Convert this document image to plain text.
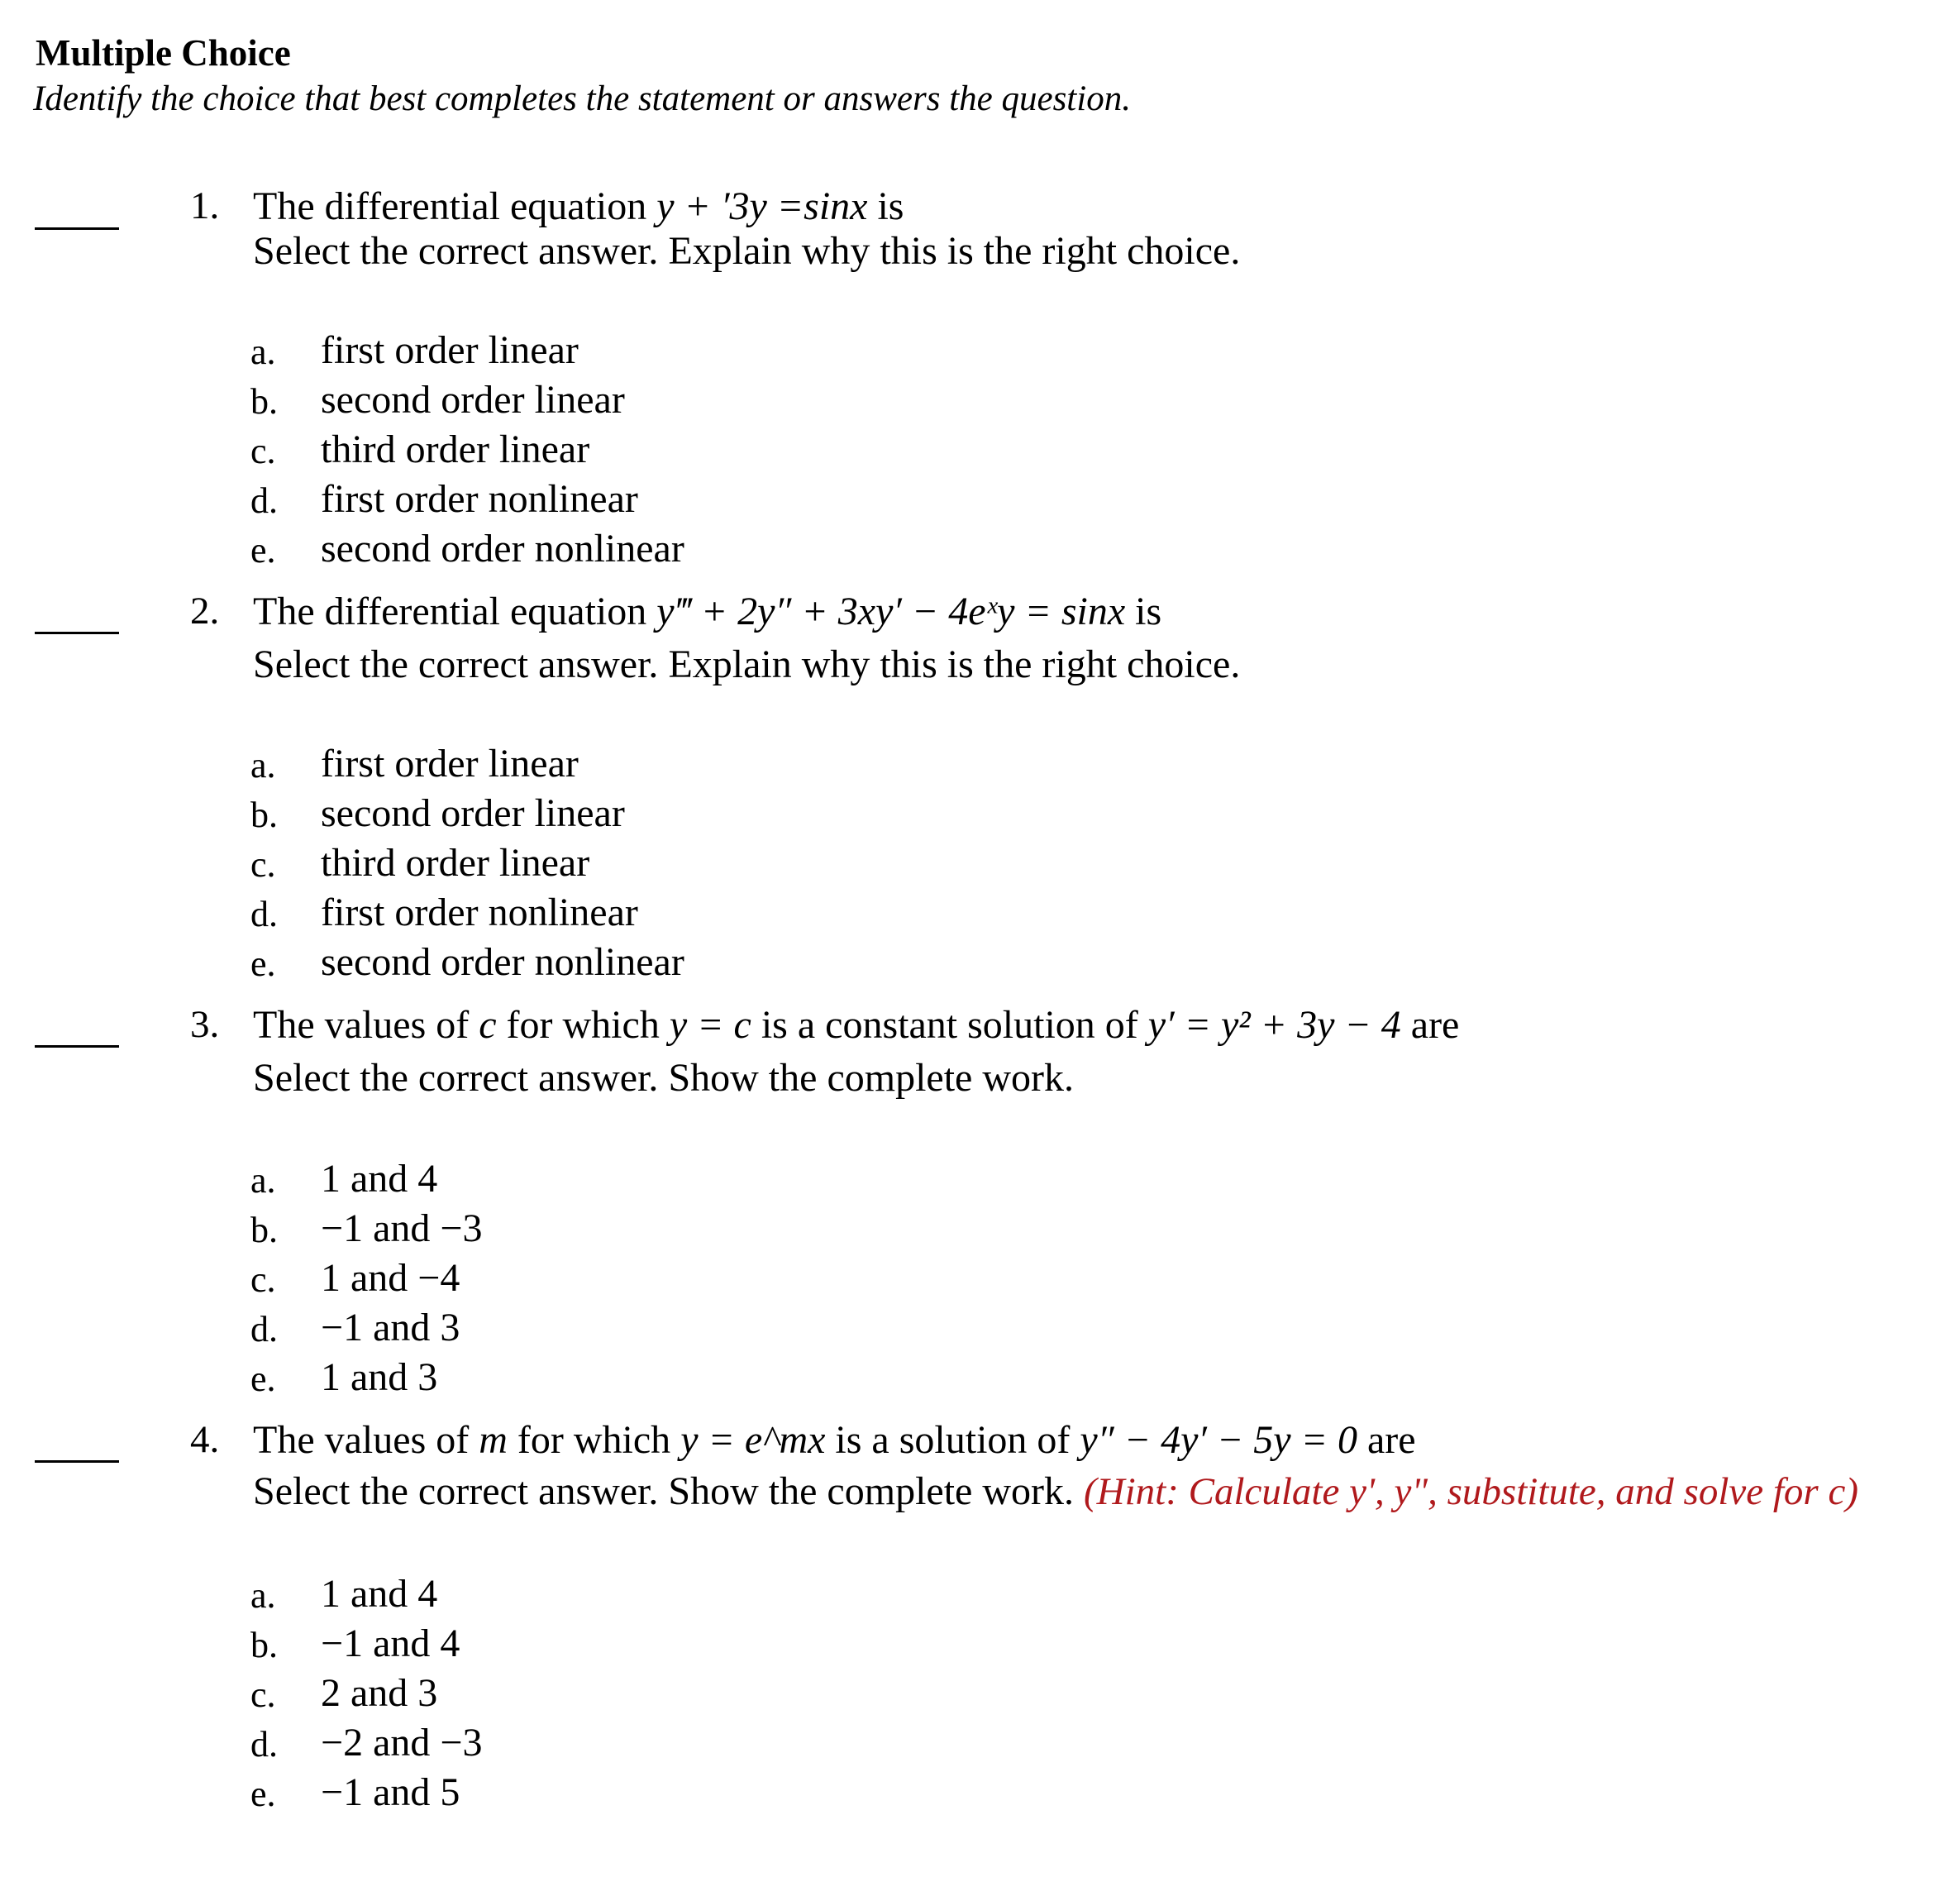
Multiple Choice
Identify the choice that best completes the statement or answers the question.
1. The differential equation y + ′3y =sinx is
Select the correct answer. Explain why this is the right choice.
a. first order linear
b. second order linear
c. third order linear
d. first order nonlinear
e. second order nonlinear
2. The differential equation y‴ + 2y″ + 3xy′ − 4eˣy = sinx is
Select the correct answer. Explain why this is the right choice.
a. first order linear
b. second order linear
c. third order linear
d. first order nonlinear
e. second order nonlinear
3. The values of c for which y = c is a constant solution of y′ = y² + 3y − 4 are
Select the correct answer. Show the complete work.
a. 1 and 4
b. −1 and −3
c. 1 and −4
d. −1 and 3
e. 1 and 3
4. The values of m for which y = e^mx is a solution of y″ − 4y′ − 5y = 0 are
Select the correct answer. Show the complete work. (Hint: Calculate y', y", substitute, and solve for c)
a. 1 and 4
b. −1 and 4
c. 2 and 3
d. −2 and −3
e. −1 and 5
